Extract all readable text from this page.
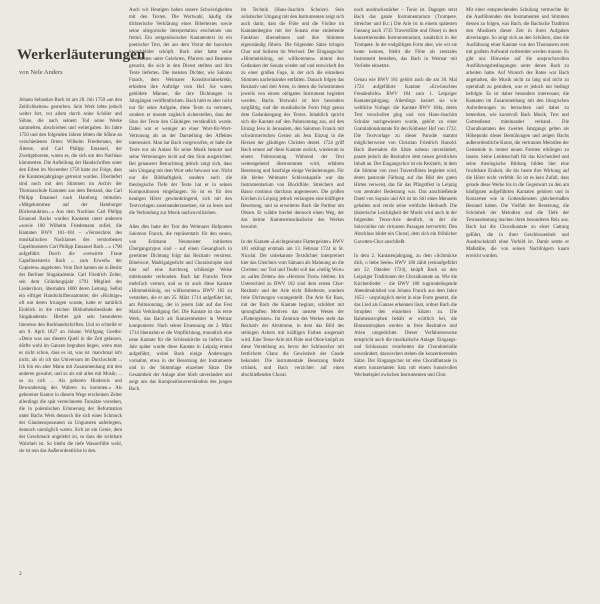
Werkerläuterungen

von Nele Anders

Johann Sebastian Bach ist am 28. Juli 1750 »an den Zeitlichkeiten« gestorben. Sein Werk lebte jedoch weiter fort, vor allem durch seine Schüler und Söhne, die nach seinem Tod seine Werke sammelten, abschrieben und weitergaben. Im Jahre 1750 und den folgenden Jahren lebten die Söhne an verschiedenen Orten: Wilhelm Friedemann, der Älteste, und Carl Philipp Emanuel, der Zweitgeborene, waren es, die sich um den Nachlass kümmerten. Die Aufteilung der Handschriften unter den Erben im November 1750 hatte zur Folge, dass die Kantatenjahrgänge getrennt wurden. Überliefert sind noch mit den Stimmen im Archiv der Thomasschule Kantaten aus dem Bestand, das Carl Philipp Emanuel nach Hamburg mitnahm. »Mitgekommen auf der Hamburger Bücherauktion...« Aus dem Nachlass Carl Philipp Emanuel Bachs wurden Kantaten unter anderem »sowie 180 Wilhelm Friedemann zufiel, die Kantaten BWV 181–184 – »Verzeichnis des musikalischen Nachlasses des verstorbenen Capellmeisters Carl Philipp Emanuel Bach ...« 1790 aufgeführt. Durch die »verwirrte Fraue Capellmeisterin Bach ... zum Erwerb« der Copieren« angeboten. Vom Dort kamen sie in Besitz der Berliner Singakademie. Carl Friedrich Zelter, seit dem Gründungsjahr 1791 Mitglied des Liederchors, übernahm 1800 deren Leitung. Selbst ein eifriger Handschriftensammler, der »Richtige« oft um deren Irrungen wusste, hatte er natürlich Einblick in die reichen Bibliotheksbestände der Singakademie. Hierbei gab sein besonderes Interesse den Bachhandschriften. Und so schreibt er am 8. April 1827 an Johann Wolfgang Goethe: »Denn was aus diesem Quell in die Zeit gelassen, dürfte wohl im Ganzen begraben liegen, wenn man es nicht schon, dass es ist, was ist. manchmal ist's nicht, als ob ich das Universum im Durchschnitt ... Ich bin ein alter Mann mit Zusammenhang mit den anderen gewahrt, und so als mit allen mit Musik; ... so zu sich ... Als geboren Hindernis und Bewunderung des Wahren zu kommen.« Als geborener Kantor in diesem Wege erscheinen Zelter allerdings die spät verrechneten Tonsätze vorsehen, die in polemischen Erinnerung der Reformation unter Bachs Werk dennoch die sich eines Schmuck der Glaubensposaunen zu Ungunsten auferlegten, dennoch unmöglich waren. Sich ist ein Genie, dem der Geschmack ungelehrt ist, so dass die sichtbare Wahrheit ist. So bleibt die tiefe Wasserfülle wohl, sie ist nun das Außerordentliche in den.

Auch wir Heutigen haben unsere Schwierigkeiten mit den Texten. Die Wortwahl, häufig die dichterische Verklärung eines Bibeltextes sowie seine allegorische Interpretation erscheinen uns fremd. Ein zeitgenössischer Kantatentext ist ein poetischer Text, der aus dem Vorrat der barocken Sprachbilder schöpft. Bach aber hatte seine Librettisten unter Gelehrten, Pfarrern und Beamten gesucht, die sich in den Dienst stellten und ihm Texte lieferten. Die meisten Dichter, wie Salomo Franck, dem Weimarer Konsistorialsekretär, erhielten ihre Aufträge vom Hof. Sie waren gebildete Männer, die ihre Dichtungen in Jahrgängen veröffentlichten. Bach hielt es aber nicht nur für seine Aufgabe, diese Texte zu vertonen, sondern er musste zugleich sicherstellen, dass der Sinn der Texte den Gläubigen verständlich wurde. Dabei war er weniger an einer Wort-für-Wort-Vertonung als an der Darstellung des Affektes interessiert. Man hat Bach vorgeworfen, er habe die Texte nur als Anlass für seine Musik benutzt und seine Vertonungen nicht auf den Sinn ausgerichtet. Bei genauerer Betrachtung jedoch zeigt sich, dass sein Umgang mit dem Wort sehr bewusst war. Nicht nur die Bildhaftigkeit, sondern auch die theologische Tiefe der Texte hat er in seinen Kompositionen eingefangen. So ist es für den heutigen Hörer gewinnbringend, sich mit den Textvorlagen auseinanderzusetzen, sie zu lesen und die Verbindung zur Musik nachzuvollziehen.

Alles dies hatte der Text des Weimarer Hofpoeten Salomon Franck, die repräsentativ für den neuen, von Erdmann Neumeister initiierten Übergangstypus sind – auf einen Gesangbuch in gereimter Dichtung folgt das Rezitativ verstreut. Bibelwort, Madrigalgedicht und Choralstrophe sind hier auf eine durchweg schlüssige Weise miteinander verbunden. Bach hat Francks Texte mehrfach vertont, und so ist auch diese Kantate »Himmelskönig, sei willkommen« BWV 182 zu verstehen, die er am 25. März 1714 aufgeführt hat, am Palmsonntag, der in jenem Jahr auf das Fest Mariä Verkündigung fiel. Die Kantate ist das erste Werk, das Bach als Konzertmeister in Weimar komponierte. Nach seiner Ernennung am 2. März 1714 übernahm er die Verpflichtung, monatlich eine neue Kantate für die Schlosskirche zu liefern. Ein Jahr später wurde diese Kantate in Leipzig erneut aufgeführt, wobei Bach einige Änderungen vornahm, etwa in der Besetzung der Instrumente und in der Stimmlage einzelner Sätze. Die Gesamtheit der Anlage aber blieb unverändert und zeigt uns das Kompositionsverständnis des jungen Bach.

im Technik (Hans-Joachim Schulze). Sein solistischer Umgang mit den Instrumenten zeigt sich auch darin, dass die Flöte und die Violine im Kantatenbeginn mit der Sonata eine einleitende Funktion übernehmen und ihre Stimmen eigenständig führen. Die folgenden Sätze bringen Chor und Solisten im Wechsel: Der Eingangschor »Himmelskönig, sei willkommen« nimmt den Gedanken der Sonata wieder auf und entwickelt ihn zu einer großen Fuge, in der sich die einzelnen Stimmen nacheinander entfalten. Danach folgen das Rezitativ und drei Arien, in denen die Solostimmen jeweils von einem obligaten Instrument begleitet werden. Bachs Textwahl ist hier besonders sorgfältig, und die musikalische Form folgt genau dem Gedankengang des Textes. Inhaltlich spricht sich die Kantate auf den Palmsonntag aus, auf den Einzug Jesu in Jerusalem, den Salomon Franck mit schwärmerischen Gesten als Jesu Einzug in die Herzen der gläubigen Christen deutet. 1724 griff Bach erneut auf diese Kantate zurück, wiederum in einem Palmsonntag. Während der Text weitestgehend übernommen wird, erfahren Besetzung und Satzfolge einige Veränderungen. Für die kleine Weimarer Schlosskapelle war das Instrumentarium von Blockflöte, Streichern und Basso continuo durchaus angemessen. Die großen Kirchen in Leipzig jedoch verlangten eine kräftigere Besetzung, und so erweiterte Bach die Partitur um Oboen. Er wählte hierbei dennoch einen Weg, der das intime Kammermusikalische des Werkes bewahrt.

In der Kantate »Leichtgesinnte Flattergeister« BWV 181 erklingt erstmals am 13. Februar 1724 in St. Nicolai. Der unbekannte Textdichter interpretiert hier das Gleichnis vom Sämann als Mahnung an die Christen: nur Tod und Teufel soll das »heilig Wort« zu »allen Zeiten« des »Herzens Trost« bleiben. Im Unterschied zu BWV 182 sind dem ersten Chor-Rezitativ und der Arie nicht Bibeltexte, sondern freie Dichtungen vorangestellt. Die Arie für Bass, mit der Bach die Kantate beginnt, schildert mit sprunghaften Motiven das unstete Wesen der »Flattergeister«. Im Zentrum des Werkes steht das Rezitativ der Altstimme, in dem das Bild des steinigen Ackers mit kräftigen Farben ausgemalt wird. Eine Tenor-Arie mit Flöte und Oboe knüpft an diese Vorstellung an, bevor der Schlusschor mit festlichem Glanz die Gewissheit der Gnade bekundet. Die instrumentale Besetzung bleibt schlank, und Bach verzichtet auf einen abschließenden Choral.

noch ausdrucksstärker – Tonio ist. Dagegen setzt Bach das ganze Instrumentarium (Trompete, Streicher und B.c.) Die Arie ist in einem spätesten Fassung nach 1735 Traversflöte und Oboe) in dem konzertierenden Instrumentarium, zusätzlich in der Trompete. In der endgültigen Form aber, wie wir sie heute kennen, bleibt die Flöte als zentrales Instrument bestehen, das Bach in Weimar mit Vorliebe einsetzte.

Genau wie BWV 181 gehört auch die am 30. Mai 1724 aufgeführte Kantate »Erwünschtes Freudenlicht« BWV 184 zum 1. Leipziger Kantatenjahrgang. Allerdings basiert sie wie weltliche Vorlage: die Kantate BWV 184a, deren Text verschollen ging und von Hans-Joachim Schulze nachgewiesen wurde, gehört zu einer Gratulationskantate für den Köthener Hof von 1722. Die Textvorlage zu dieser Parodie stammt möglicherweise von Christian Friedrich Hunold. Bach übernahm die Sätze nahezu unverändert, passte jedoch die Rezitative dem neuen geistlichen Inhalt an. Der Eingangschor ist ein Rezitativ, in dem die Stimme von zwei Traversflöten begleitet wird, deren pastorale Färbung auf das Bild des guten Hirten verweist, das für das Pfingstfest in Leipzig von zentraler Bedeutung war. Das anschließende Duett von Sopran und Alt ist im Stil eines Menuetts gehalten und verrät seine weltliche Herkunft. Die tänzerische Leichtigkeit der Musik wird auch in der folgenden Tenor-Arie deutlich, in der die Solovioline mit virtuosen Passagen hervortritt. Den Abschluss bildet ein Choral, dem sich ein fröhlicher Gavotten-Chor anschließt.

In dem 2. Kantatenjahrgang, zu dem »Schmücke dich, o liebe Seele« BWV 180 zählt (erstaufgeführt am 22. Oktober 1724), knüpft Bach an den Leipziger Traditionen der Choralkantate an. Wie die Kirchenlieder – die BWV 180 zugrundeliegende Abendmahlslied von Johann Franck aus dem Jahre 1653 – ursprünglich meist in eine Form gesetzt, die das Lied als Ganzes erkennen lässt, ordnet Bach die Strophen den einzelnen Sätzen zu. Die Rahmenstrophen behält er wörtlich bei, die Binnenstrophen werden in freie Rezitative und Arien umgedichtet. Dieser Verfahrensweise entspricht auch die musikalische Anlage: Eingangs- und Schlusssatz verarbeiten die Choralmelodie unverändert, dazwischen stehen die konzertierenden Sätze. Der Eingangschor ist eine Choralfantasie in einem konzertanten Satz mit einem kunstvollen Wechselspiel zwischen Instrumenten und Chor.

Mit einer entsprechenden Schulung vermochte ihr die Ausführenden den Instrumenten und Stimmen dessen zu folgen, was Bach, die Bachsche Tradition den Musikern dieser Zeit in ihren Aufgaben abverlangte. So zeigt sich an den Schülern, dass die Ausführung einer Kantate von den Thomanern stets mit großem Aufwand vorbereitet werden musste. Es gibt uns Hinweise auf die anspruchsvollen Ausführungsbedingungen unter denen Bach zu arbeiten hatte. Auf Wunsch des Rates war Bach angehalten, die Musik nicht zu lang und nicht zu opernhaft zu gestalten, was er jedoch nur bedingt befolgte. Es ist daher besonders interessant, die Kantaten im Zusammenhang mit den liturgischen Anforderungen zu betrachten und dabei zu bemerken, wie kunstvoll Bach Musik, Text und Gottesdienst miteinander verband. Die Choralkantaten des zweiten Jahrgangs gelten als Höhepunkt dieser Bemühungen und zeigen Bachs außerordentliche Kunst, die vertrauten Melodien der Gemeinde in immer neuen Formen erklingen zu lassen. Seine Leidenschaft für das Kirchenlied und seine theologische Bildung bilden hier eine fruchtbare Einheit, die bis heute ihre Wirkung auf die Hörer nicht verfehlt. So ist es kein Zufall, dass gerade diese Werke bis in die Gegenwart zu den am häufigsten aufgeführten Kantaten gehören und in Konzerten wie in Gottesdiensten gleichermaßen Bestand haben. Die Vielfalt der Besetzung, die Schönheit der Melodien und die Tiefe der Textausdeutung machen ihren besonderen Reiz aus. Bach hat die Choralkantate zu einer Gattung geführt, die in ihrer Geschlossenheit und Ausdruckskraft ohne Vorbild ist. Damit setzte er Maßstäbe, die von seinen Nachfolgern kaum erreicht wurden.

2
